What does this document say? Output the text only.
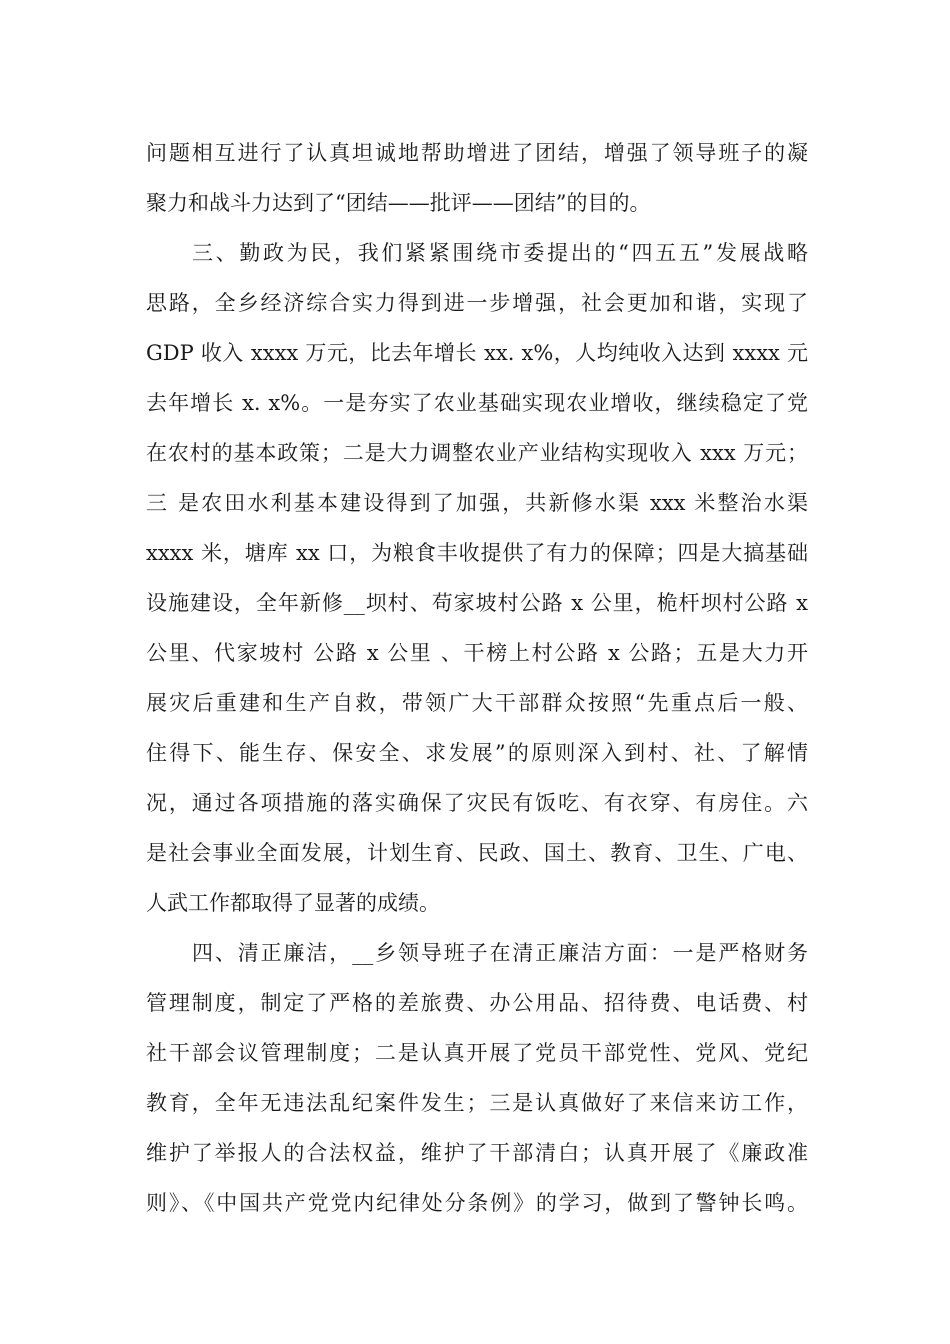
问题相互进行了认真坦诚地帮助增进了团结，增强了领导班子的凝
聚力和战斗力达到了“团结——批评——团结”的目的。
三、勤政为民，我们紧紧围绕市委提出的“四五五”发展战略
思路，全乡经济综合实力得到进一步增强，社会更加和谐，实现了
GDP 收入 xxxx 万元，比去年增长 xx. x%，人均纯收入达到 xxxx 元
去年增长 x. x%。一是夯实了农业基础实现农业增收，继续稳定了党
在农村的基本政策；二是大力调整农业产业结构实现收入 xxx 万元；
三 是农田水利基本建设得到了加强，共新修水渠 xxx 米整治水渠
xxxx 米，塘库 xx 口，为粮食丰收提供了有力的保障；四是大搞基础
设施建设，全年新修__坝村、苟家坡村公路 x 公里，桅杆坝村公路 x
公里、代家坡村 公路 x 公里 、干榜上村公路 x 公路；五是大力开
展灾后重建和生产自救，带领广大干部群众按照“先重点后一般、
住得下、能生存、保安全、求发展”的原则深入到村、社、了解情
况，通过各项措施的落实确保了灾民有饭吃、有衣穿、有房住。六
是社会事业全面发展，计划生育、民政、国土、教育、卫生、广电、
人武工作都取得了显著的成绩。
四、清正廉洁，__乡领导班子在清正廉洁方面：一是严格财务
管理制度，制定了严格的差旅费、办公用品、招待费、电话费、村
社干部会议管理制度；二是认真开展了党员干部党性、党风、党纪
教育，全年无违法乱纪案件发生；三是认真做好了来信来访工作，
维护了举报人的合法权益，维护了干部清白；认真开展了《廉政准
则》、《中国共产党党内纪律处分条例》的学习，做到了警钟长鸣。
